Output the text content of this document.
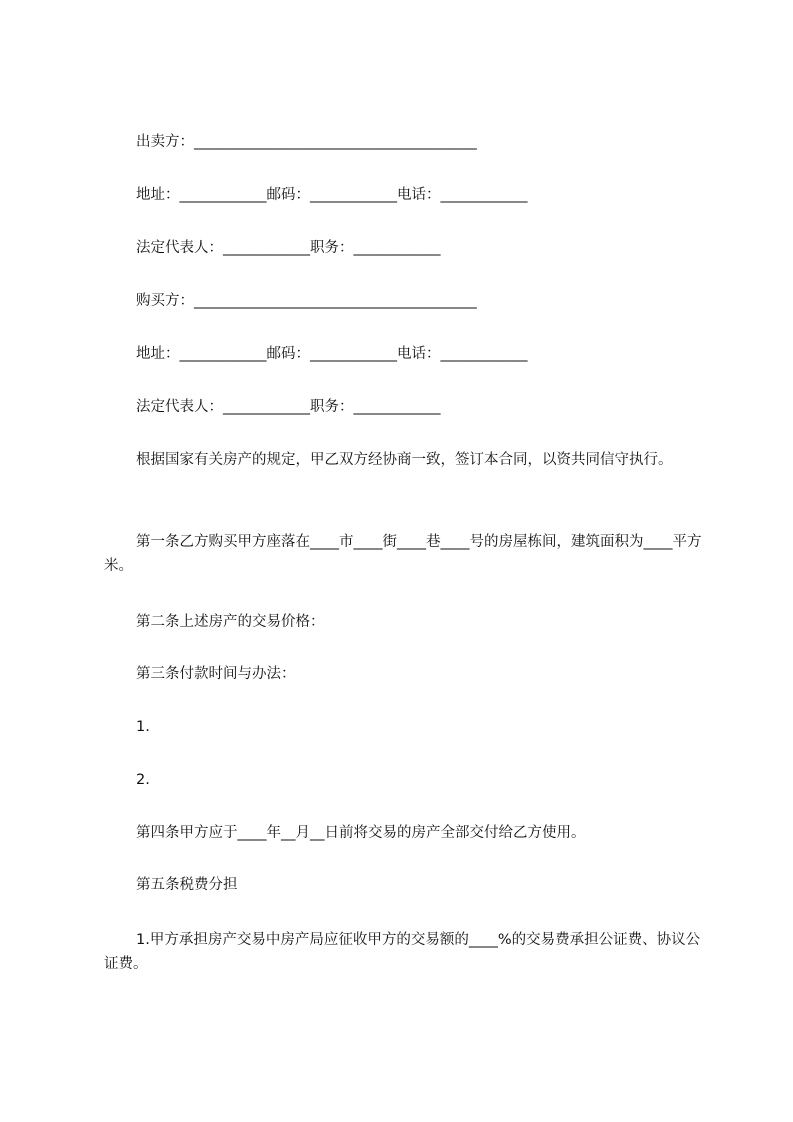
出卖方：_______________________________________
地址：____________邮码：____________电话：____________
法定代表人：____________职务：____________
购买方：_______________________________________
地址：____________邮码：____________电话：____________
法定代表人：____________职务：____________
根据国家有关房产的规定，甲乙双方经协商一致，签订本合同，以资共同信守执行。
第一条乙方购买甲方座落在____市____街____巷____号的房屋栋间，建筑面积为____平方米。
第二条上述房产的交易价格：
第三条付款时间与办法：
1.
2.
第四条甲方应于____年__月__日前将交易的房产全部交付给乙方使用。
第五条税费分担
1.甲方承担房产交易中房产局应征收甲方的交易额的____%的交易费承担公证费、协议公证费。
